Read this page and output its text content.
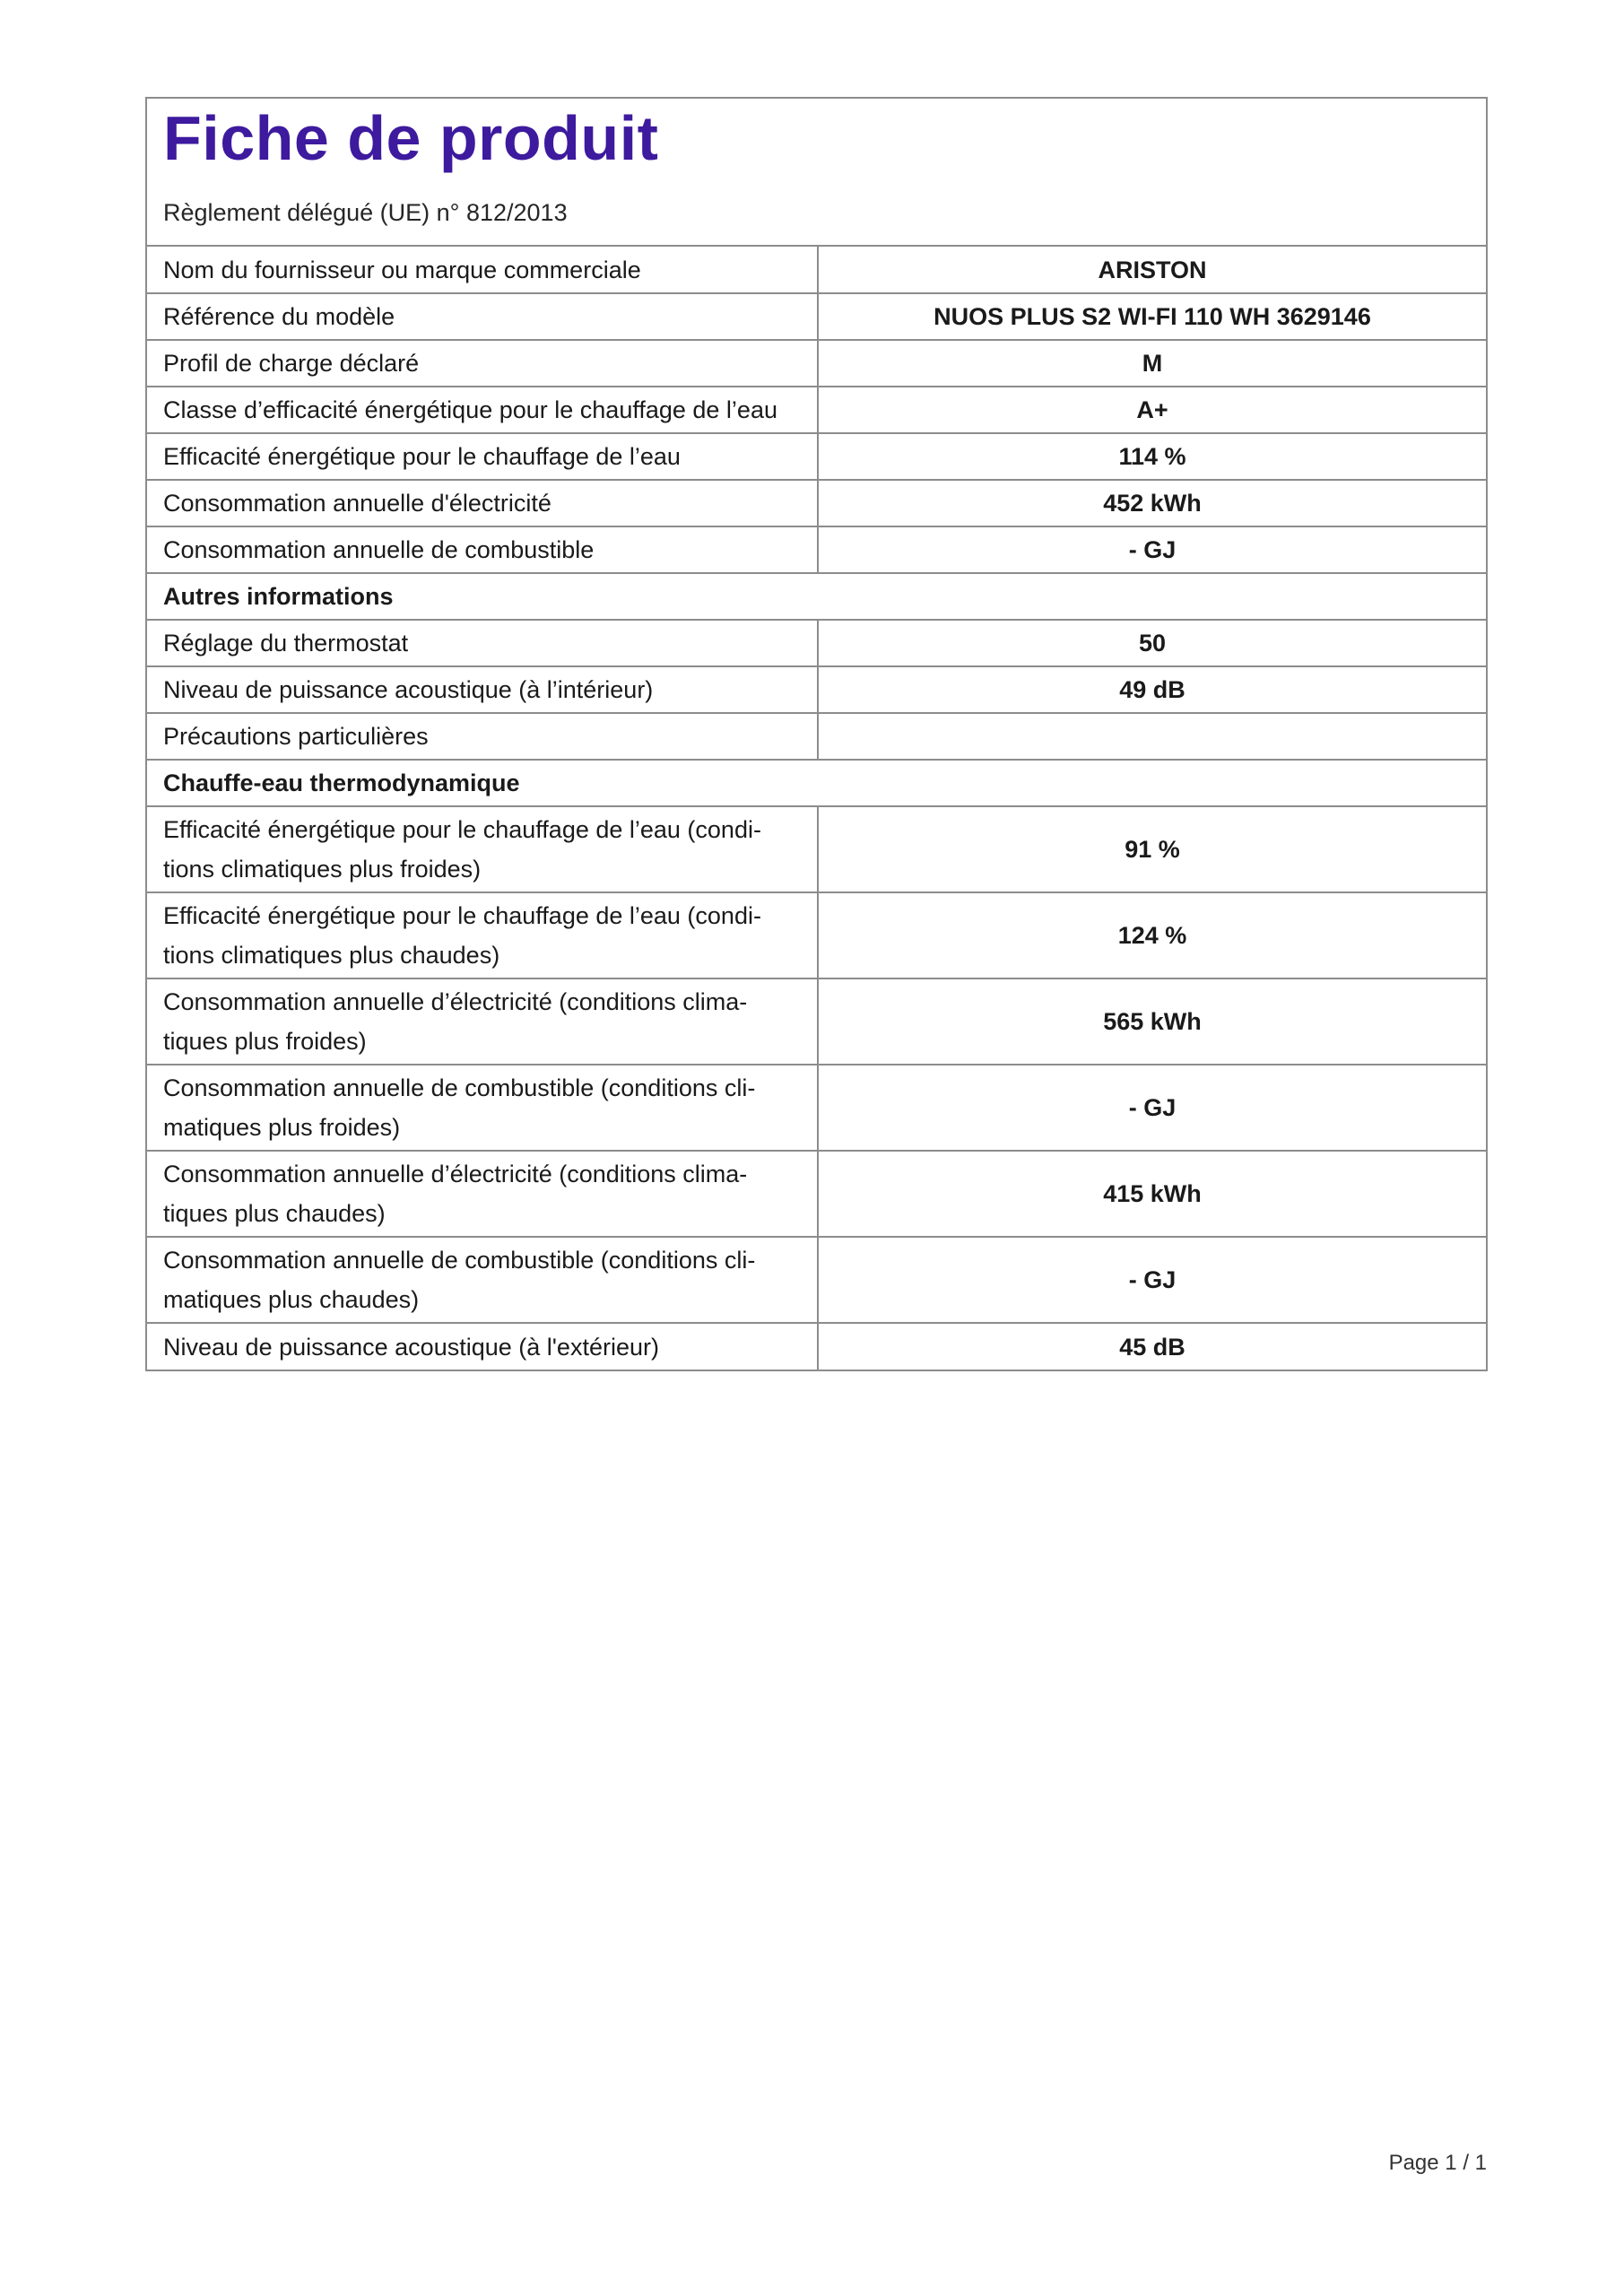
Fiche de produit
Règlement délégué (UE) n° 812/2013
Nom du fournisseur ou marque commerciale	ARISTON
Référence du modèle	NUOS PLUS S2 WI-FI 110 WH 3629146
Profil de charge déclaré	M
Classe d’efficacité énergétique pour le chauffage de l’eau	A+
Efficacité énergétique pour le chauffage de l’eau	114 %
Consommation annuelle d'électricité	452 kWh
Consommation annuelle de combustible	- GJ
Autres informations	
Réglage du thermostat	50
Niveau de puissance acoustique (à l’intérieur)	49 dB
Précautions particulières	
Chauffe-eau thermodynamique	
Efficacité énergétique pour le chauffage de l’eau (condi-
tions climatiques plus froides)	91 %
Efficacité énergétique pour le chauffage de l’eau (condi-
tions climatiques plus chaudes)	124 %
Consommation annuelle d’électricité (conditions clima-
tiques plus froides)	565 kWh
Consommation annuelle de combustible (conditions cli-
matiques plus froides)	- GJ
Consommation annuelle d’électricité (conditions clima-
tiques plus chaudes)	415 kWh
Consommation annuelle de combustible (conditions cli-
matiques plus chaudes)	- GJ
Niveau de puissance acoustique (à l'extérieur)	45 dB
Page 1 / 1
